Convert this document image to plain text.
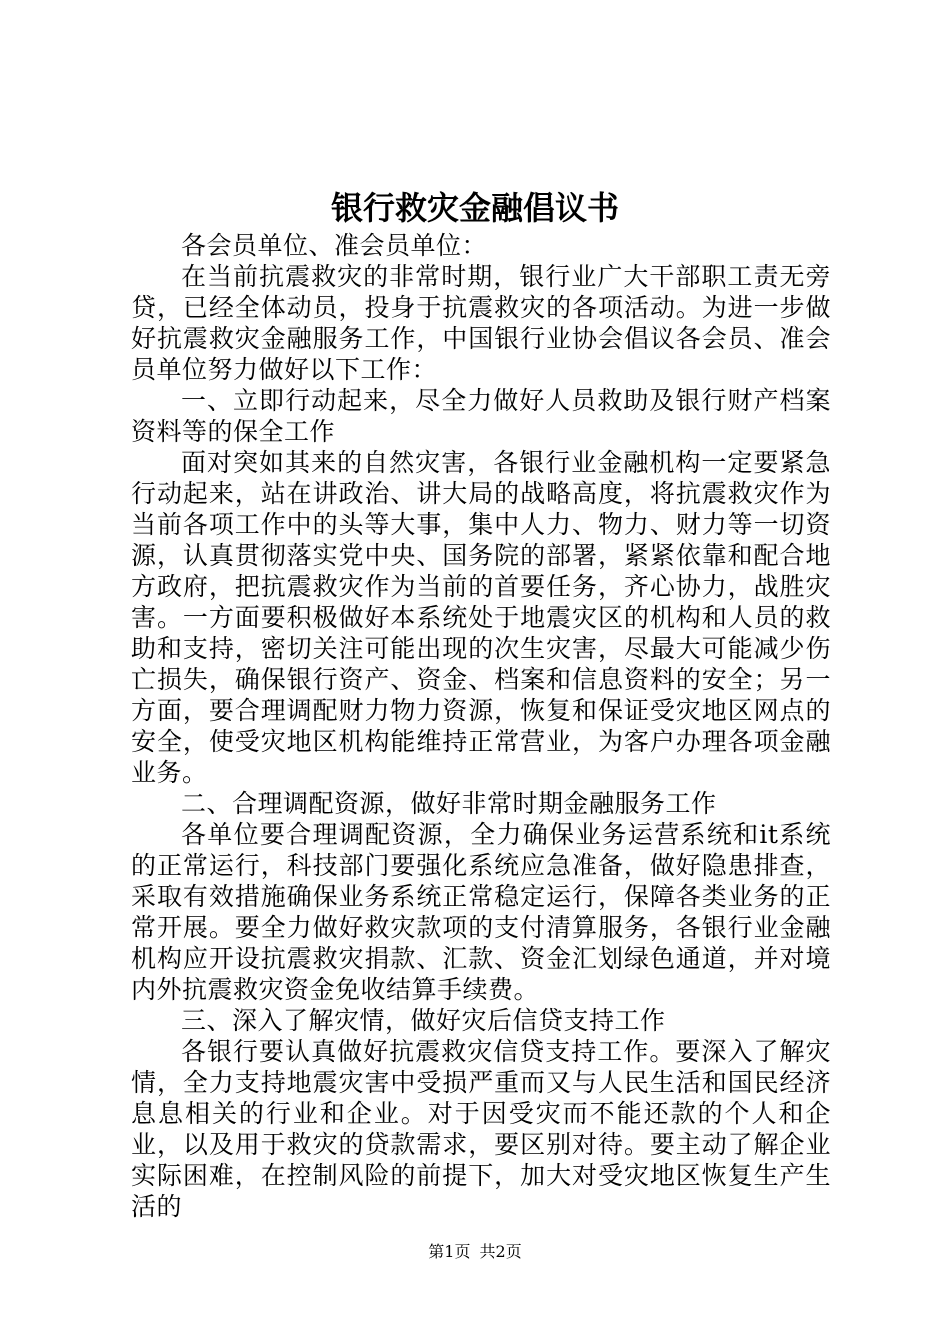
银行救灾金融倡议书

各会员单位、准会员单位：

在当前抗震救灾的非常时期，银行业广大干部职工责无旁贷，已经全体动员，投身于抗震救灾的各项活动。为进一步做好抗震救灾金融服务工作，中国银行业协会倡议各会员、准会员单位努力做好以下工作：

一、立即行动起来，尽全力做好人员救助及银行财产档案资料等的保全工作

面对突如其来的自然灾害，各银行业金融机构一定要紧急行动起来，站在讲政治、讲大局的战略高度，将抗震救灾作为当前各项工作中的头等大事，集中人力、物力、财力等一切资源，认真贯彻落实党中央、国务院的部署，紧紧依靠和配合地方政府，把抗震救灾作为当前的首要任务，齐心协力，战胜灾害。一方面要积极做好本系统处于地震灾区的机构和人员的救助和支持，密切关注可能出现的次生灾害，尽最大可能减少伤亡损失，确保银行资产、资金、档案和信息资料的安全；另一方面，要合理调配财力物力资源，恢复和保证受灾地区网点的安全，使受灾地区机构能维持正常营业，为客户办理各项金融业务。

二、合理调配资源，做好非常时期金融服务工作

各单位要合理调配资源，全力确保业务运营系统和it系统的正常运行，科技部门要强化系统应急准备，做好隐患排查，采取有效措施确保业务系统正常稳定运行，保障各类业务的正常开展。要全力做好救灾款项的支付清算服务，各银行业金融机构应开设抗震救灾捐款、汇款、资金汇划绿色通道，并对境内外抗震救灾资金免收结算手续费。

三、深入了解灾情，做好灾后信贷支持工作

各银行要认真做好抗震救灾信贷支持工作。要深入了解灾情，全力支持地震灾害中受损严重而又与人民生活和国民经济息息相关的行业和企业。对于因受灾而不能还款的个人和企业，以及用于救灾的贷款需求，要区别对待。要主动了解企业实际困难，在控制风险的前提下，加大对受灾地区恢复生产生活的

第1页 共2页
